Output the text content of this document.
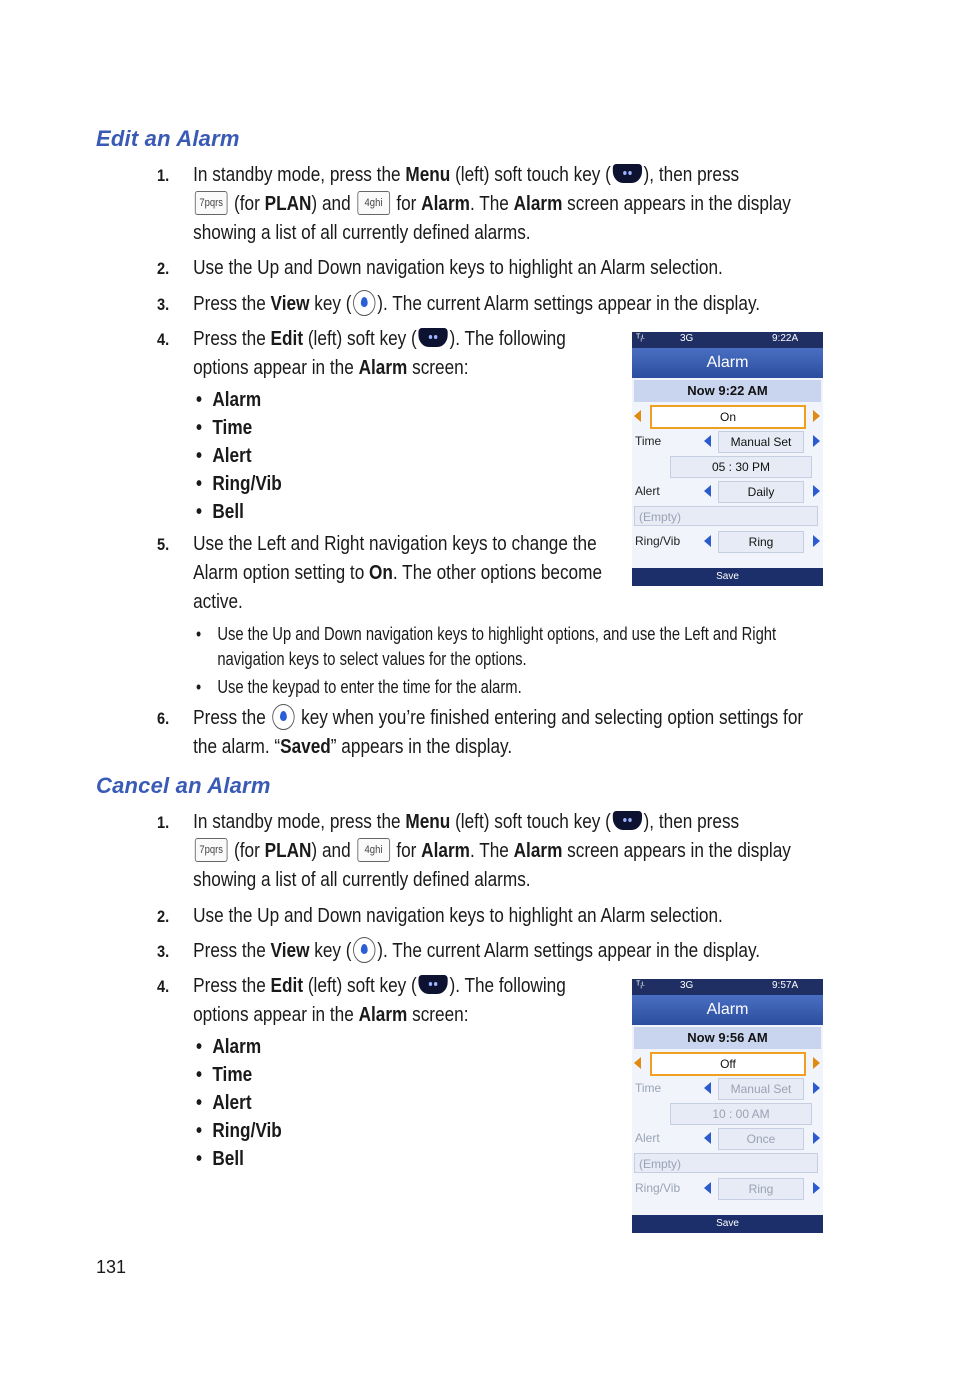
Edit an Alarm
1. In standby mode, press the Menu (left) soft touch key ( ), then press
7pqrs (for PLAN) and 4ghi for Alarm. The Alarm screen appears in the display showing a list of all currently defined alarms.
2. Use the Up and Down navigation keys to highlight an Alarm selection.
3. Press the View key ( ). The current Alarm settings appear in the display.
4. Press the Edit (left) soft key ( ). The following options appear in the Alarm screen:
• Alarm
• Time
• Alert
• Ring/Vib
• Bell
5. Use the Left and Right navigation keys to change the Alarm option setting to On. The other options become active.
• Use the Up and Down navigation keys to highlight options, and use the Left and Right navigation keys to select values for the options.
• Use the keypad to enter the time for the alarm.
6. Press the  key when you’re finished entering and selecting option settings for the alarm. “Saved” appears in the display.
ᵀᵢᶫ	3G	9:22A
Alarm
Now 9:22 AM
On
Time	Manual Set
05 : 30 PM
Alert	Daily
(Empty)
Ring/Vib	Ring
Save
Cancel an Alarm
1. In standby mode, press the Menu (left) soft touch key ( ), then press
7pqrs (for PLAN) and 4ghi for Alarm. The Alarm screen appears in the display showing a list of all currently defined alarms.
2. Use the Up and Down navigation keys to highlight an Alarm selection.
3. Press the View key ( ). The current Alarm settings appear in the display.
4. Press the Edit (left) soft key ( ). The following options appear in the Alarm screen:
• Alarm
• Time
• Alert
• Ring/Vib
• Bell
ᵀᵢᶫ	3G	9:57A
Alarm
Now 9:56 AM
Off
Time	Manual Set
10 : 00 AM
Alert	Once
(Empty)
Ring/Vib	Ring
Save
131
